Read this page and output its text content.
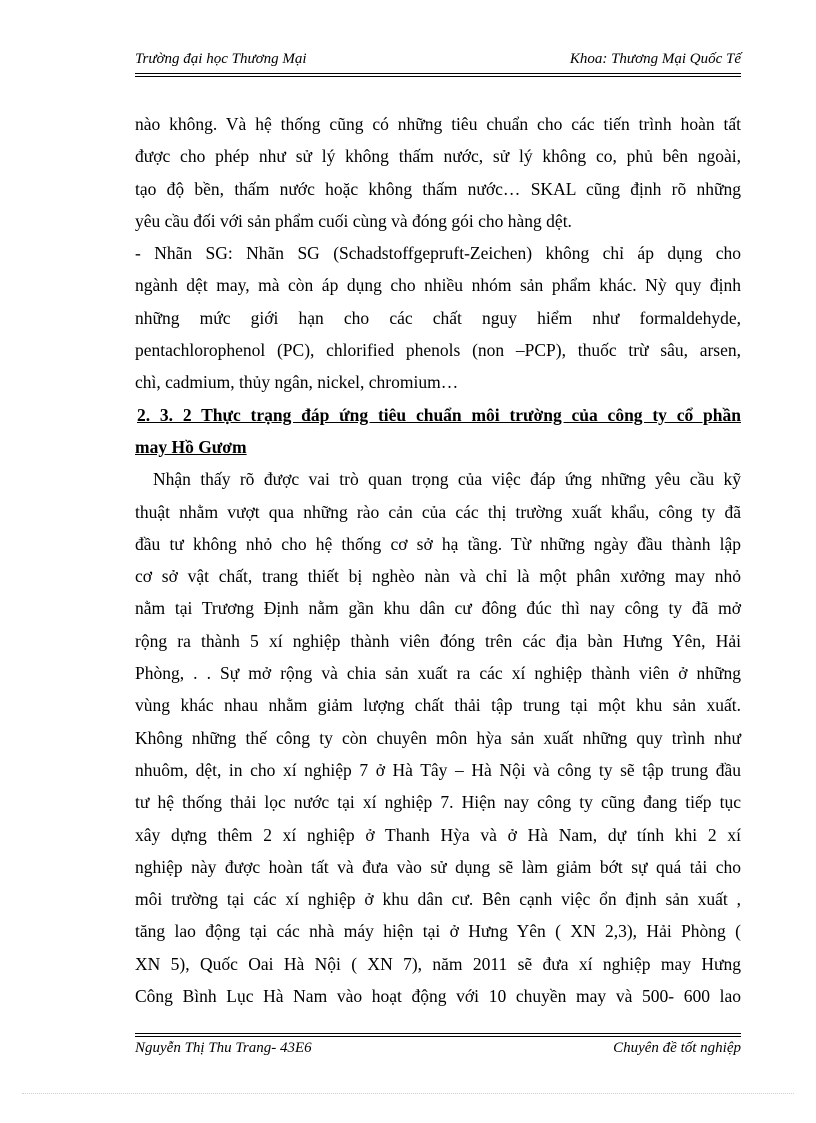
Trường đại học Thương Mại	Khoa: Thương Mại Quốc Tế
nào không. Và hệ thống cũng có những tiêu chuẩn cho các tiến trình hoàn tất
được cho phép như sử lý không thấm nước, sử lý không co, phủ bên ngoài,
tạo độ bền, thấm nước hoặc không thấm nước… SKAL cũng định rõ những
yêu cầu đối với sản phẩm cuối cùng và đóng gói cho hàng dệt.
- Nhãn SG: Nhãn SG (Schadstoffgepruft-Zeichen) không chỉ áp dụng cho
ngành dệt may, mà còn áp dụng cho nhiều nhóm sản phẩm khác. Nỳ quy định
những mức giới hạn cho các chất nguy hiểm như formaldehyde,
pentachlorophenol (PC), chlorified phenols (non –PCP), thuốc trừ sâu, arsen,
chì, cadmium, thủy ngân, nickel, chromium…
2. 3. 2 Thực trạng đáp ứng tiêu chuẩn môi trường của công ty cổ phần
may Hồ Gươm
Nhận thấy rõ được vai trò quan trọng của việc đáp ứng những yêu cầu kỹ
thuật nhằm vượt qua những rào cản của các thị trường xuất khẩu, công ty đã
đầu tư không nhỏ cho hệ thống cơ sở hạ tầng. Từ những ngày đầu thành lập
cơ sở vật chất, trang thiết bị nghèo nàn và chỉ là một phân xưởng may nhỏ
nằm tại Trương Định nằm gần khu dân cư đông đúc thì nay công ty đã mở
rộng ra thành 5 xí nghiệp thành viên đóng trên các địa bàn Hưng Yên, Hải
Phòng, . . Sự mở rộng và chia sản xuất ra các xí nghiệp thành viên ở những
vùng khác nhau nhằm giảm lượng chất thải tập trung tại một khu sản xuất.
Không những thế công ty còn chuyên môn hỳa sản xuất những quy trình như
nhuôm, dệt, in cho xí nghiệp 7 ở Hà Tây – Hà Nội và công ty sẽ tập trung đầu
tư hệ thống thải lọc nước tại xí nghiệp 7. Hiện nay công ty cũng đang tiếp tục
xây dựng thêm 2 xí nghiệp ở Thanh Hỳa và ở Hà Nam, dự tính khi 2 xí
nghiệp này được hoàn tất và đưa vào sử dụng sẽ làm giảm bớt sự quá tải cho
môi trường tại các xí nghiệp ở khu dân cư. Bên cạnh việc ổn định sản xuất ,
tăng lao động tại các nhà máy hiện tại ở Hưng Yên ( XN 2,3), Hải Phòng (
XN 5), Quốc Oai Hà Nội ( XN 7), năm 2011 sẽ đưa xí nghiệp may Hưng
Công Bình Lục Hà Nam vào hoạt động với 10 chuyền may và 500- 600 lao
Nguyễn Thị Thu Trang- 43E6	Chuyên đề tốt nghiệp
